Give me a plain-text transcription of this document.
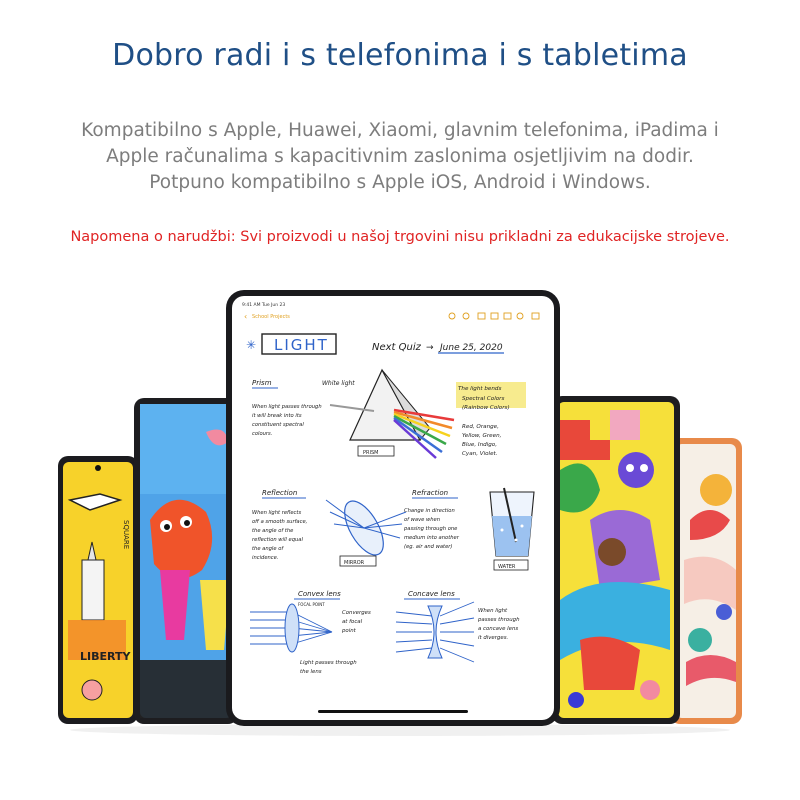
Dobro radi i s telefonima i s tabletima
Kompatibilno s Apple, Huawei, Xiaomi, glavnim telefonima, iPadima i
Apple računalima s kapacitivnim zaslonima osjetljivim na dodir.
Potpuno kompatibilno s Apple iOS, Android i Windows.
Napomena o narudžbi: Svi proizvodi u našoj trgovini nisu prikladni za edukacijske strojeve.
LIBERTY
SQUARE
9:41 AM Tue Jun 23
School Projects
‹
✳ LIGHT	Next Quiz → June 25, 2020
Prism	White light
When light passes through
it will break into its
constituent spectral
colours.
PRISM
The light bends
Spectral Colors
(Rainbow Colors)
Red, Orange,
Yellow, Green,
Blue, Indigo,
Cyan, Violet.
Reflection
When light reflects
off a smooth surface,
the angle of the
reflection will equal
the angle of
incidence.
MIRROR
Refraction
Change in direction
of wave when
passing through one
medium into another
(eg. air and water)
WATER
Convex lens
FOCAL POINT
Converges
at focal
point
Light passes through
the lens
Concave lens
When light
passes through
a concave lens
it diverges.
